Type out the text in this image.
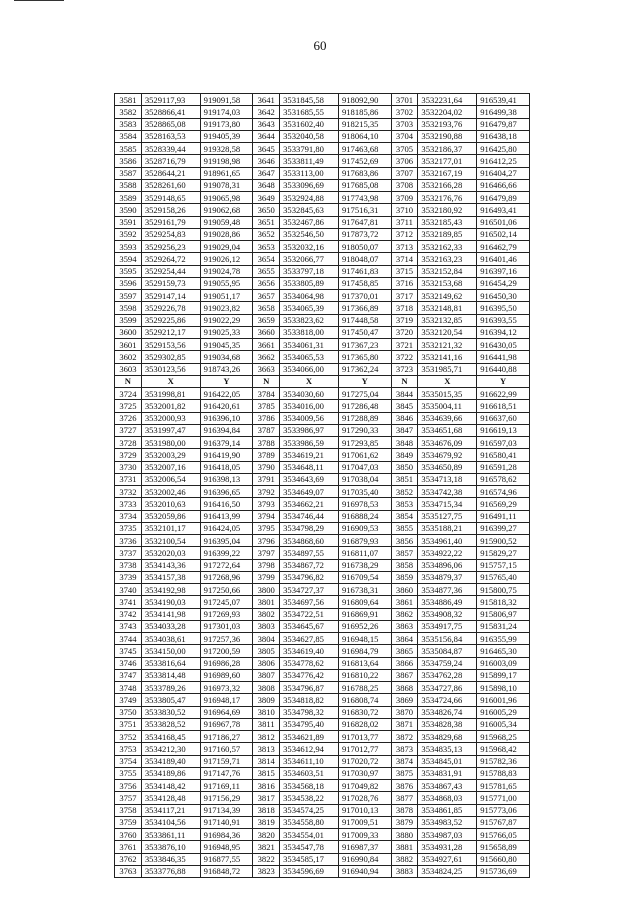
60
3581	3529117,93	919091,58	3641	3531845,58	918092,90	3701	3532231,64	916539,41
3582	3528866,41	919174,03	3642	3531685,55	918185,86	3702	3532204,02	916499,38
3583	3528865,08	919173,80	3643	3531602,40	918215,35	3703	3532193,76	916479,87
3584	3528163,53	919405,39	3644	3532040,58	918064,10	3704	3532190,88	916438,18
3585	3528339,44	919328,58	3645	3533791,80	917463,68	3705	3532186,37	916425,80
3586	3528716,79	919198,98	3646	3533811,49	917452,69	3706	3532177,01	916412,25
3587	3528644,21	918961,65	3647	3533113,00	917683,86	3707	3532167,19	916404,27
3588	3528261,60	919078,31	3648	3533096,69	917685,08	3708	3532166,28	916466,66
3589	3529148,65	919065,98	3649	3532924,88	917743,98	3709	3532176,76	916479,89
3590	3529158,26	919062,68	3650	3532845,63	917516,31	3710	3532180,92	916493,41
3591	3529161,79	919059,48	3651	3532467,86	917647,81	3711	3532185,43	916501,06
3592	3529254,83	919028,86	3652	3532546,50	917873,72	3712	3532189,85	916502,14
3593	3529256,23	919029,04	3653	3532032,16	918050,07	3713	3532162,33	916462,79
3594	3529264,72	919026,12	3654	3532066,77	918048,07	3714	3532163,23	916401,46
3595	3529254,44	919024,78	3655	3533797,18	917461,83	3715	3532152,84	916397,16
3596	3529159,73	919055,95	3656	3533805,89	917458,85	3716	3532153,68	916454,29
3597	3529147,14	919051,17	3657	3534064,98	917370,01	3717	3532149,62	916450,30
3598	3529226,78	919023,82	3658	3534065,39	917366,89	3718	3532148,81	916395,50
3599	3529225,86	919022,29	3659	3533823,62	917448,58	3719	3532132,85	916393,55
3600	3529212,17	919025,33	3660	3533818,00	917450,47	3720	3532120,54	916394,12
3601	3529153,56	919045,35	3661	3534061,31	917367,23	3721	3532121,32	916430,05
3602	3529302,85	919034,68	3662	3534065,53	917365,80	3722	3532141,16	916441,98
3603	3530123,56	918743,26	3663	3534066,00	917362,24	3723	3531985,71	916440,88
N	X	Y	N	X	Y	N	X	Y
3724	3531998,81	916422,05	3784	3534030,60	917275,04	3844	3535015,35	916622,99
3725	3532001,82	916420,61	3785	3534016,00	917286,48	3845	3535004,11	916618,51
3726	3532000,93	916396,10	3786	3534009,56	917288,89	3846	3534639,66	916637,60
3727	3531997,47	916394,84	3787	3533986,97	917290,33	3847	3534651,68	916619,13
3728	3531980,00	916379,14	3788	3533986,59	917293,85	3848	3534676,09	916597,03
3729	3532003,29	916419,90	3789	3534619,21	917061,62	3849	3534679,92	916580,41
3730	3532007,16	916418,05	3790	3534648,11	917047,03	3850	3534650,89	916591,28
3731	3532006,54	916398,13	3791	3534643,69	917038,04	3851	3534713,18	916578,62
3732	3532002,46	916396,65	3792	3534649,07	917035,40	3852	3534742,38	916574,96
3733	3532010,63	916416,50	3793	3534662,21	916978,53	3853	3534715,34	916569,29
3734	3532059,86	916413,99	3794	3534746,44	916888,24	3854	3535127,75	916491,11
3735	3532101,17	916424,05	3795	3534798,29	916909,53	3855	3535188,21	916399,27
3736	3532100,54	916395,04	3796	3534868,60	916879,93	3856	3534961,40	915900,52
3737	3532020,03	916399,22	3797	3534897,55	916811,07	3857	3534922,22	915829,27
3738	3534143,36	917272,64	3798	3534867,72	916738,29	3858	3534896,06	915757,15
3739	3534157,38	917268,96	3799	3534796,82	916709,54	3859	3534879,37	915765,40
3740	3534192,98	917250,66	3800	3534727,37	916738,31	3860	3534877,36	915800,75
3741	3534190,03	917245,07	3801	3534697,56	916809,64	3861	3534886,49	915818,32
3742	3534141,98	917269,93	3802	3534722,51	916869,91	3862	3534908,32	915806,97
3743	3534033,28	917301,03	3803	3534645,67	916952,26	3863	3534917,75	915831,24
3744	3534038,61	917257,36	3804	3534627,85	916948,15	3864	3535156,84	916355,99
3745	3534150,00	917200,59	3805	3534619,40	916984,79	3865	3535084,87	916465,30
3746	3533816,64	916986,28	3806	3534778,62	916813,64	3866	3534759,24	916003,09
3747	3533814,48	916989,60	3807	3534776,42	916810,22	3867	3534762,28	915899,17
3748	3533789,26	916973,32	3808	3534796,87	916788,25	3868	3534727,86	915898,10
3749	3533805,47	916948,17	3809	3534818,82	916808,74	3869	3534724,66	916001,96
3750	3533830,52	916964,69	3810	3534798,32	916830,72	3870	3534826,74	916005,29
3751	3533828,52	916967,78	3811	3534795,40	916828,02	3871	3534828,38	916005,34
3752	3534168,45	917186,27	3812	3534621,89	917013,77	3872	3534829,68	915968,25
3753	3534212,30	917160,57	3813	3534612,94	917012,77	3873	3534835,13	915968,42
3754	3534189,40	917159,71	3814	3534611,10	917020,72	3874	3534845,01	915782,36
3755	3534189,86	917147,76	3815	3534603,51	917030,97	3875	3534831,91	915788,83
3756	3534148,42	917169,11	3816	3534568,18	917049,82	3876	3534867,43	915781,65
3757	3534128,48	917156,29	3817	3534538,22	917028,76	3877	3534868,03	915771,00
3758	3534117,21	917134,39	3818	3534574,25	917010,13	3878	3534861,85	915773,06
3759	3534104,56	917140,91	3819	3534558,80	917009,51	3879	3534983,52	915767,87
3760	3533861,11	916984,36	3820	3534554,01	917009,33	3880	3534987,03	915766,05
3761	3533876,10	916948,95	3821	3534547,78	916987,37	3881	3534931,28	915658,89
3762	3533846,35	916877,55	3822	3534585,17	916990,84	3882	3534927,61	915660,80
3763	3533776,88	916848,72	3823	3534596,69	916940,94	3883	3534824,25	915736,69
